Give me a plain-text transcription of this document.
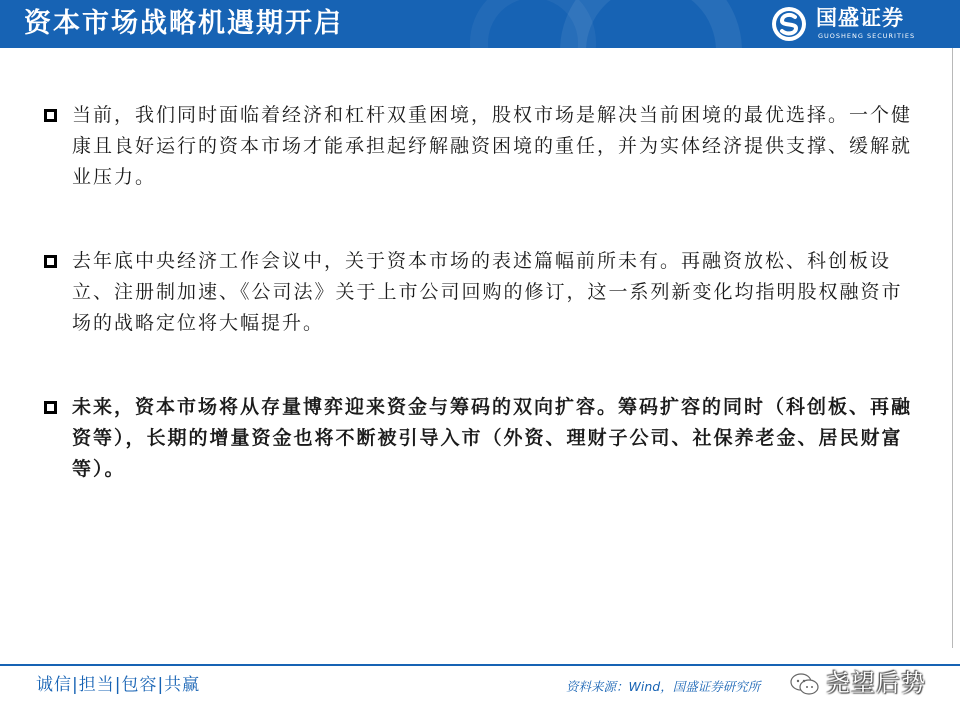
资本市场战略机遇期开启	国盛证券
GUOSHENG SECURITIES
当前，我们同时面临着经济和杠杆双重困境，股权市场是解决当前困境的最优选择。一个健康且良好运行的资本市场才能承担起纾解融资困境的重任，并为实体经济提供支撑、缓解就业压力。
去年底中央经济工作会议中，关于资本市场的表述篇幅前所未有。再融资放松、科创板设立、注册制加速、《公司法》关于上市公司回购的修订，这一系列新变化均指明股权融资市场的战略定位将大幅提升。
未来，资本市场将从存量博弈迎来资金与筹码的双向扩容。筹码扩容的同时（科创板、再融资等），长期的增量资金也将不断被引导入市（外资、理财子公司、社保养老金、居民财富等）。
诚信|担当|包容|共赢	资料来源：Wind，国盛证券研究所	尧望后势
